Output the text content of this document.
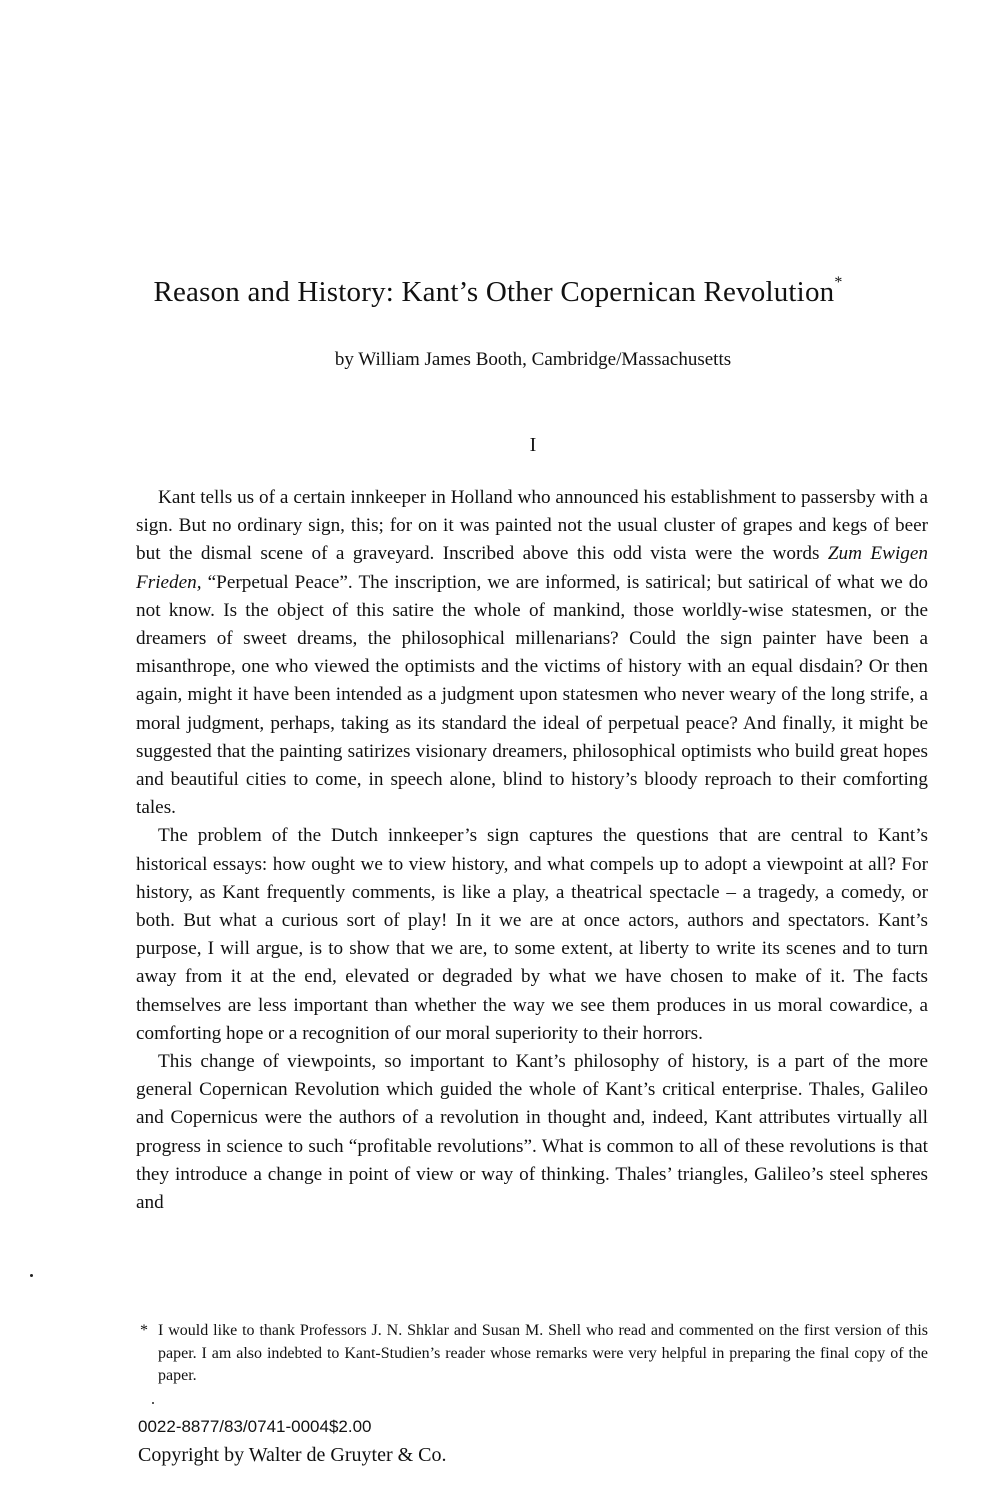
Reason and History: Kant’s Other Copernican Revolution*
by William James Booth, Cambridge/Massachusetts
I

Kant tells us of a certain innkeeper in Holland who announced his establishment to passersby with a sign. But no ordinary sign, this; for on it was painted not the usual cluster of grapes and kegs of beer but the dismal scene of a graveyard. Inscribed above this odd vista were the words Zum Ewigen Frieden, “Perpetual Peace”. The inscription, we are informed, is satirical; but satirical of what we do not know. Is the object of this satire the whole of mankind, those worldly-wise statesmen, or the dreamers of sweet dreams, the philosophical millenarians? Could the sign painter have been a misanthrope, one who viewed the optimists and the victims of history with an equal disdain? Or then again, might it have been intended as a judgment upon statesmen who never weary of the long strife, a moral judgment, perhaps, taking as its standard the ideal of perpetual peace? And finally, it might be suggested that the painting satirizes visionary dreamers, philosophical optimists who build great hopes and beautiful cities to come, in speech alone, blind to history’s bloody reproach to their comforting tales.

The problem of the Dutch innkeeper’s sign captures the questions that are central to Kant’s historical essays: how ought we to view history, and what compels up to adopt a viewpoint at all? For history, as Kant frequently comments, is like a play, a theatrical spectacle – a tragedy, a comedy, or both. But what a curious sort of play! In it we are at once actors, authors and spectators. Kant’s purpose, I will argue, is to show that we are, to some extent, at liberty to write its scenes and to turn away from it at the end, elevated or degraded by what we have chosen to make of it. The facts themselves are less important than whether the way we see them produces in us moral cowardice, a comforting hope or a recognition of our moral superiority to their horrors.

This change of viewpoints, so important to Kant’s philosophy of history, is a part of the more general Copernican Revolution which guided the whole of Kant’s critical enterprise. Thales, Galileo and Copernicus were the authors of a revolution in thought and, indeed, Kant attributes virtually all progress in science to such “profitable revolutions”. What is common to all of these revolutions is that they introduce a change in point of view or way of thinking. Thales’ triangles, Galileo’s steel spheres and

* I would like to thank Professors J. N. Shklar and Susan M. Shell who read and commented on the first version of this paper. I am also indebted to Kant-Studien’s reader whose remarks were very helpful in preparing the final copy of the paper.
0022-8877/83/0741-0004$2.00
Copyright by Walter de Gruyter & Co.
